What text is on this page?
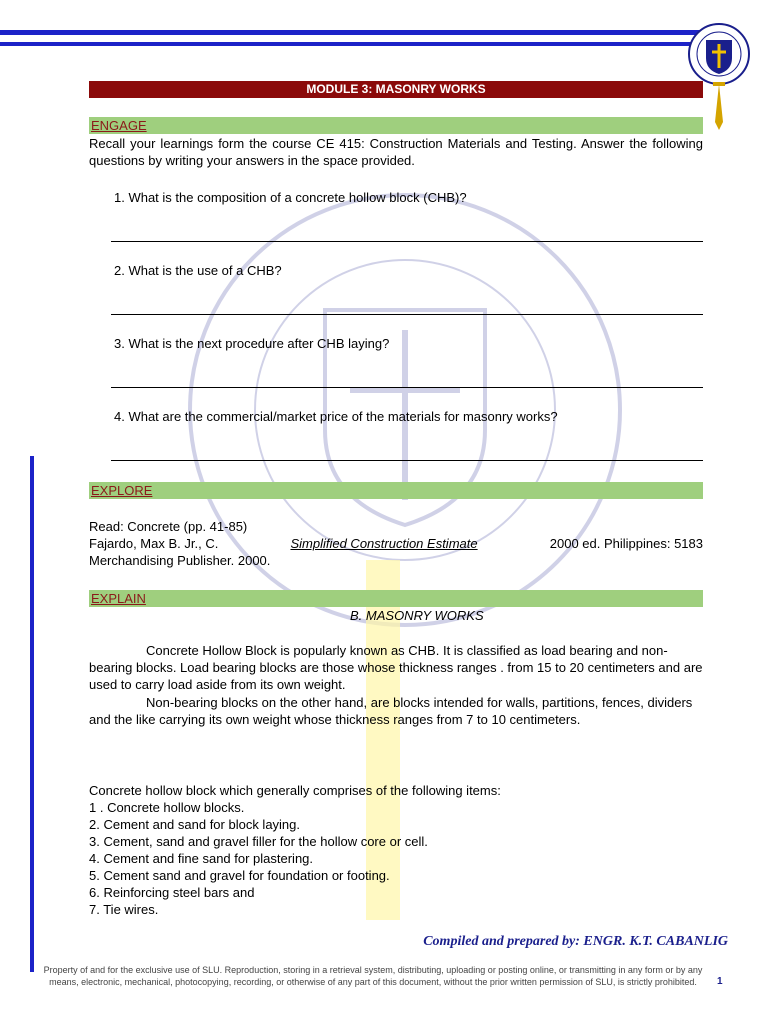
MODULE 3: MASONRY WORKS
ENGAGE
Recall your learnings form the course CE 415: Construction Materials and Testing. Answer the following questions by writing your answers in the space provided.
1. What is the composition of a concrete hollow block (CHB)?
2. What is the use of a CHB?
3. What is the next procedure after CHB laying?
4. What are the commercial/market price of the materials for masonry works?
EXPLORE
Read: Concrete (pp. 41-85)
Fajardo, Max B. Jr., C.	Simplified Construction Estimate	2000 ed. Philippines: 5183
Merchandising Publisher. 2000.
EXPLAIN
B. MASONRY WORKS
Concrete Hollow Block is popularly known as CHB. It is classified as load bearing and non-bearing blocks. Load bearing blocks are those whose thickness ranges . from 15 to 20 centimeters and are used to carry load aside from its own weight.
Non-bearing blocks on the other hand, are blocks intended for walls, partitions, fences, dividers and the like carrying its own weight whose thickness ranges from 7 to 10 centimeters.
Concrete hollow block which generally comprises of the following items:
1 . Concrete hollow blocks.
2. Cement and sand for block laying.
3. Cement, sand and gravel filler for the hollow core or cell.
4. Cement and fine sand for plastering.
5. Cement sand and gravel for foundation or footing.
6. Reinforcing steel bars and
7. Tie wires.
Compiled and prepared by: ENGR. K.T. CABANLIG
Property of and for the exclusive use of SLU. Reproduction, storing in a retrieval system, distributing, uploading or posting online, or transmitting in any form or by any means, electronic, mechanical, photocopying, recording, or otherwise of any part of this document, without the prior written permission of SLU, is strictly prohibited.	1
